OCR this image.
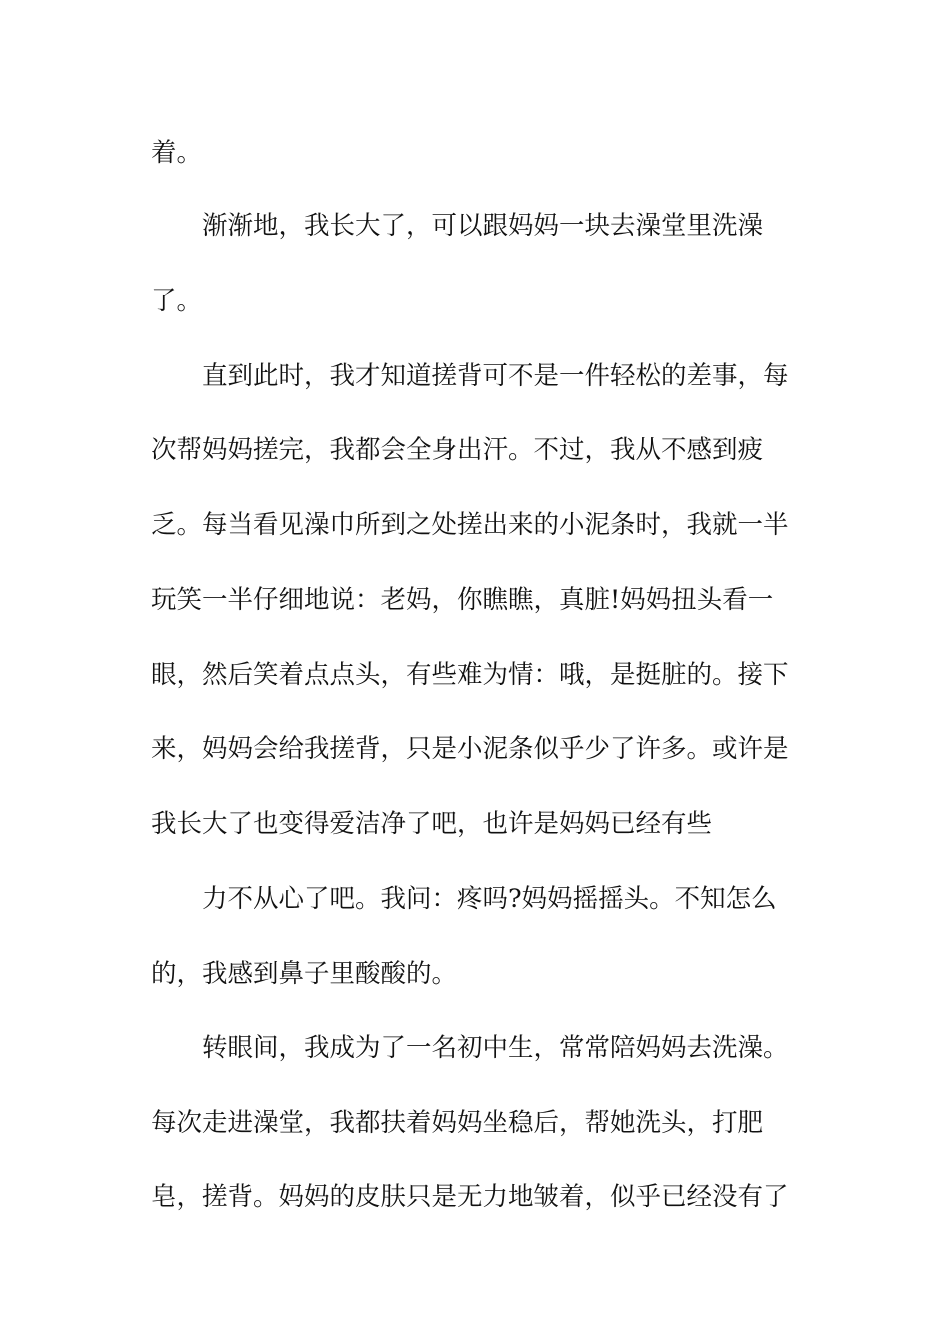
着。
渐渐地，我长大了，可以跟妈妈一块去澡堂里洗澡
了。
直到此时，我才知道搓背可不是一件轻松的差事，每
次帮妈妈搓完，我都会全身出汗。不过，我从不感到疲
乏。每当看见澡巾所到之处搓出来的小泥条时，我就一半
玩笑一半仔细地说：老妈，你瞧瞧，真脏!妈妈扭头看一
眼，然后笑着点点头，有些难为情：哦，是挺脏的。接下
来，妈妈会给我搓背，只是小泥条似乎少了许多。或许是
我长大了也变得爱洁净了吧，也许是妈妈已经有些
力不从心了吧。我问：疼吗?妈妈摇摇头。不知怎么
的，我感到鼻子里酸酸的。
转眼间，我成为了一名初中生，常常陪妈妈去洗澡。
每次走进澡堂，我都扶着妈妈坐稳后，帮她洗头，打肥
皂，搓背。妈妈的皮肤只是无力地皱着，似乎已经没有了
